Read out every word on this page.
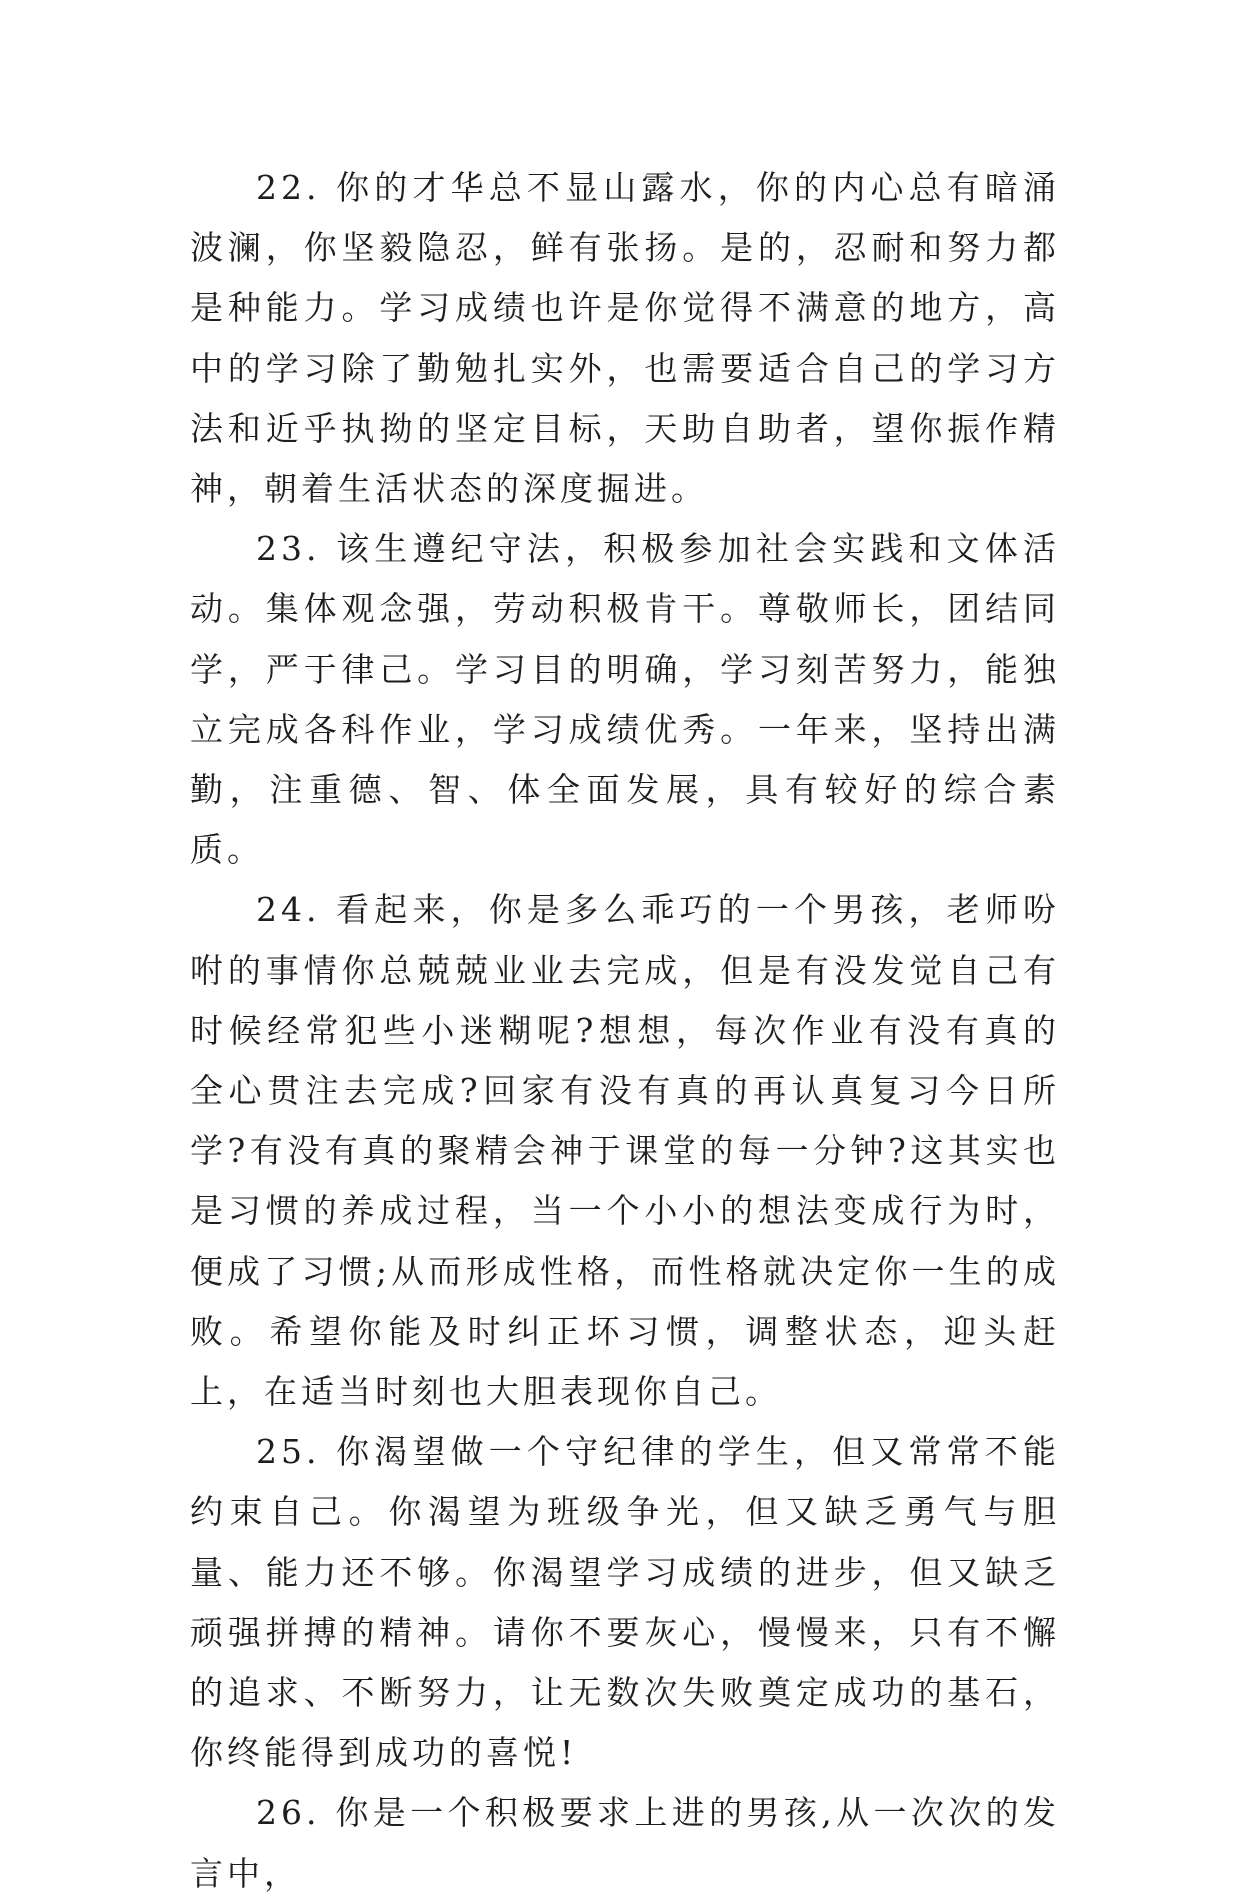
22. 你的才华总不显山露水，你的内心总有暗涌波澜，你坚毅隐忍，鲜有张扬。是的，忍耐和努力都是种能力。学习成绩也许是你觉得不满意的地方，高中的学习除了勤勉扎实外，也需要适合自己的学习方法和近乎执拗的坚定目标，天助自助者，望你振作精神，朝着生活状态的深度掘进。

23. 该生遵纪守法，积极参加社会实践和文体活动。集体观念强，劳动积极肯干。尊敬师长，团结同学，严于律己。学习目的明确，学习刻苦努力，能独立完成各科作业，学习成绩优秀。一年来，坚持出满勤，注重德、智、体全面发展，具有较好的综合素质。

24. 看起来，你是多么乖巧的一个男孩，老师吩咐的事情你总兢兢业业去完成，但是有没发觉自己有时候经常犯些小迷糊呢?想想，每次作业有没有真的全心贯注去完成?回家有没有真的再认真复习今日所学?有没有真的聚精会神于课堂的每一分钟?这其实也是习惯的养成过程，当一个小小的想法变成行为时，便成了习惯;从而形成性格，而性格就决定你一生的成败。希望你能及时纠正坏习惯，调整状态，迎头赶上，在适当时刻也大胆表现你自己。

25. 你渴望做一个守纪律的学生，但又常常不能约束自己。你渴望为班级争光，但又缺乏勇气与胆量、能力还不够。你渴望学习成绩的进步，但又缺乏顽强拼搏的精神。请你不要灰心，慢慢来，只有不懈的追求、不断努力，让无数次失败奠定成功的基石，你终能得到成功的喜悦!

26. 你是一个积极要求上进的男孩,从一次次的发言中，
